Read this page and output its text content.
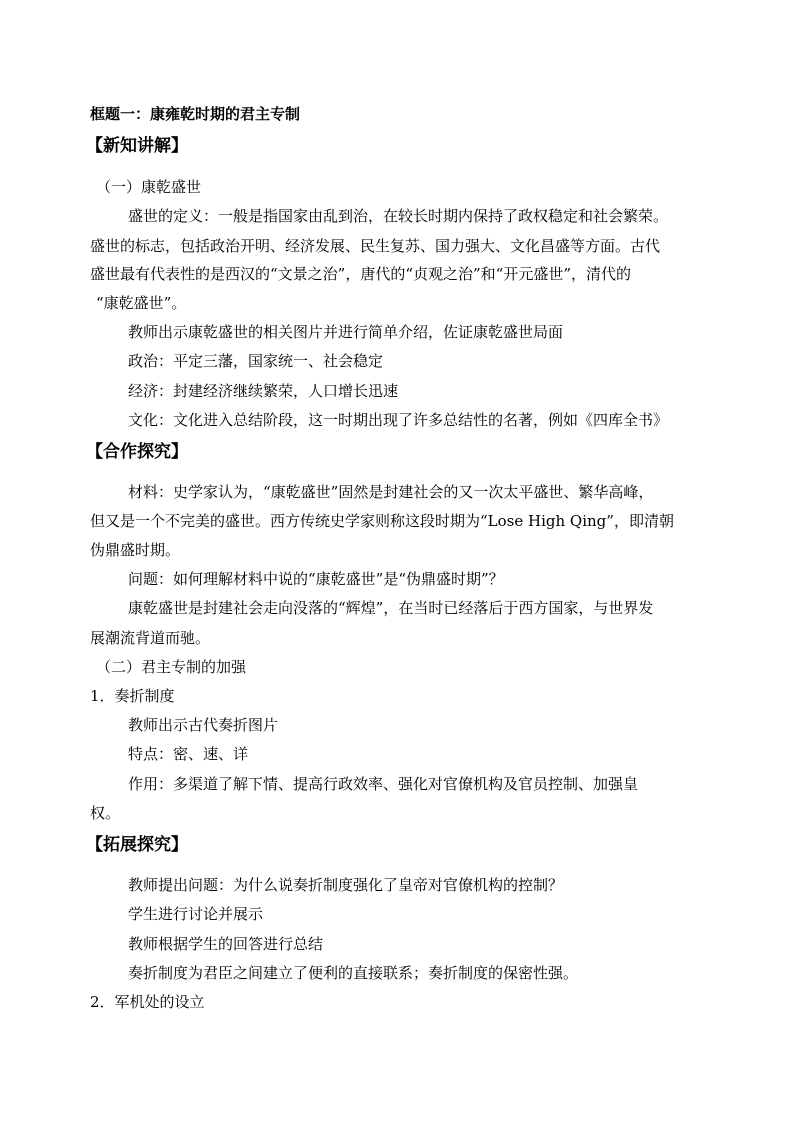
框题一：康雍乾时期的君主专制
【新知讲解】
（一）康乾盛世
盛世的定义：一般是指国家由乱到治，在较长时期内保持了政权稳定和社会繁荣。
盛世的标志，包括政治开明、经济发展、民生复苏、国力强大、文化昌盛等方面。古代
盛世最有代表性的是西汉的“文景之治”，唐代的“贞观之治”和“开元盛世”，清代的
“康乾盛世”。
教师出示康乾盛世的相关图片并进行简单介绍，佐证康乾盛世局面
政治：平定三藩，国家统一、社会稳定
经济：封建经济继续繁荣，人口增长迅速
文化：文化进入总结阶段，这一时期出现了许多总结性的名著，例如《四库全书》
【合作探究】
材料：史学家认为，“康乾盛世”固然是封建社会的又一次太平盛世、繁华高峰，
但又是一个不完美的盛世。西方传统史学家则称这段时期为“Lose High Qing”，即清朝
伪鼎盛时期。
问题：如何理解材料中说的“康乾盛世”是“伪鼎盛时期”？
康乾盛世是封建社会走向没落的“辉煌”，在当时已经落后于西方国家，与世界发
展潮流背道而驰。
（二）君主专制的加强
1．奏折制度
教师出示古代奏折图片
特点：密、速、详
作用：多渠道了解下情、提高行政效率、强化对官僚机构及官员控制、加强皇
权。
【拓展探究】
教师提出问题：为什么说奏折制度强化了皇帝对官僚机构的控制？
学生进行讨论并展示
教师根据学生的回答进行总结
奏折制度为君臣之间建立了便利的直接联系；奏折制度的保密性强。
2．军机处的设立
